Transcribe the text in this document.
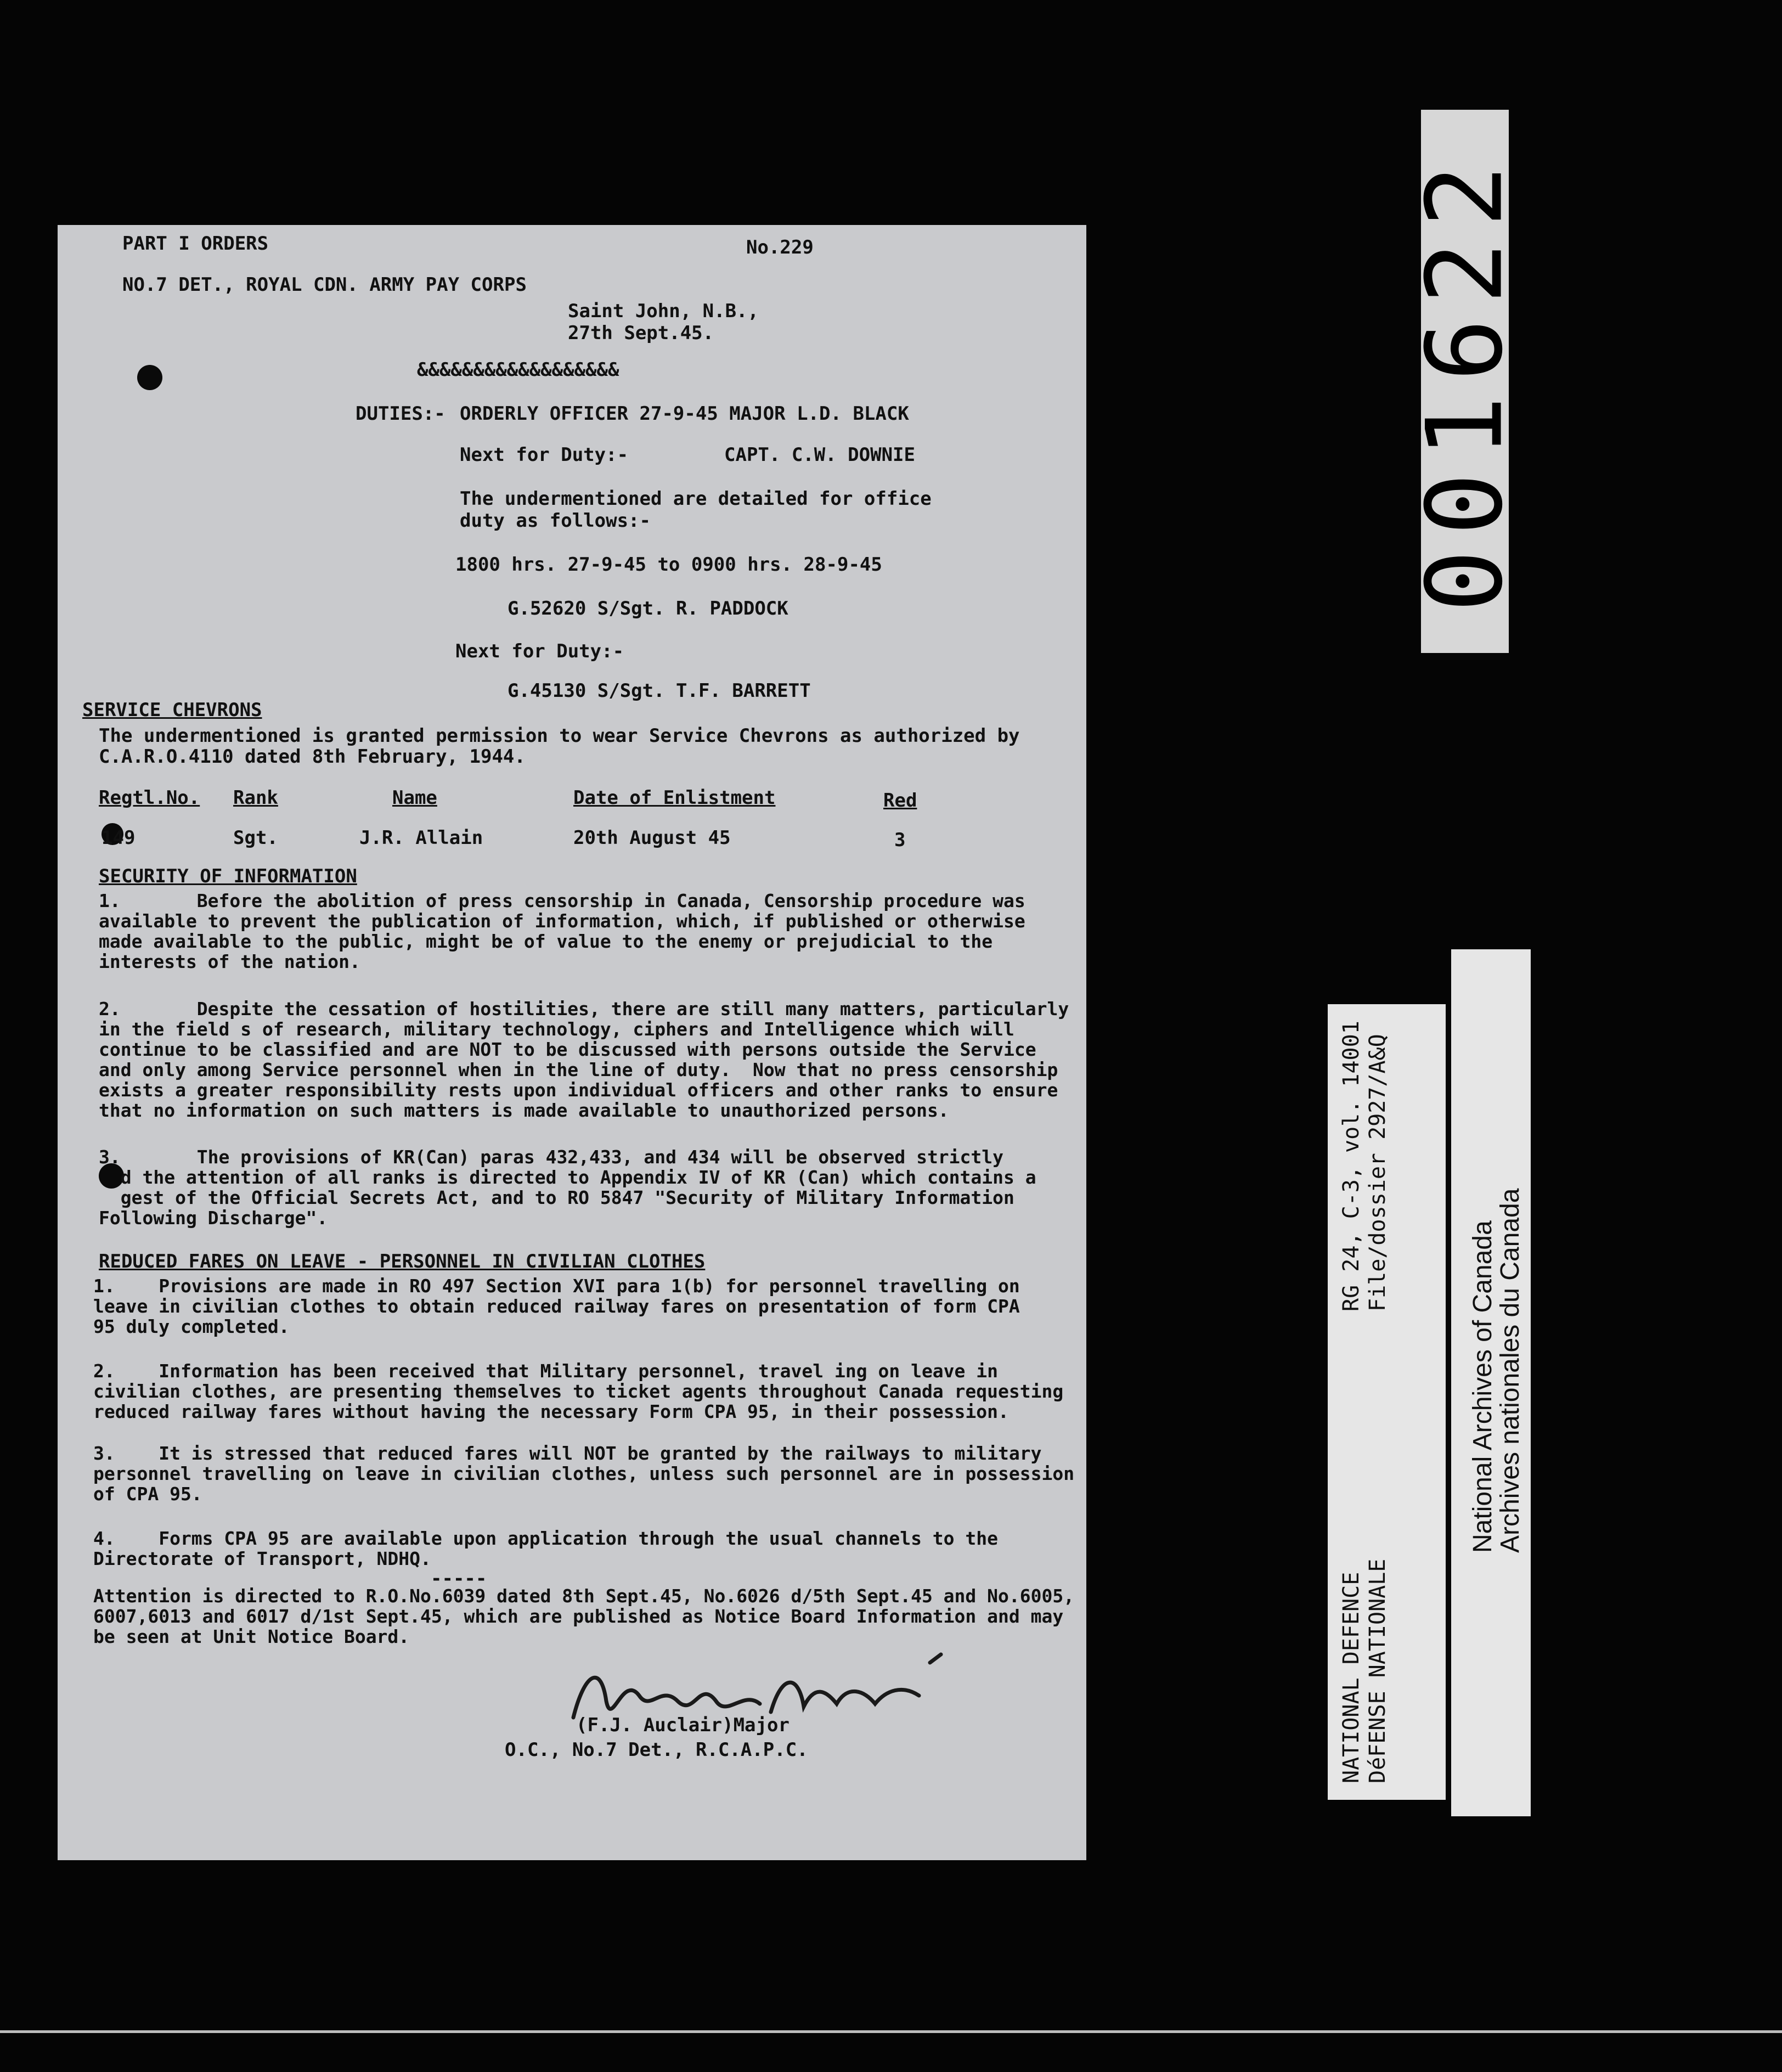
001622
RG 24, C-3, vol. 14001 File/dossier 2927/A&Q
NATIONAL DEFENCE DéFENSE NATIONALE
National Archives of Canada
Archives nationales du Canada
PART I ORDERS	No.229
NO.7 DET., ROYAL CDN. ARMY PAY CORPS
Saint John, N.B.,
27th Sept.45.
&&&&&&&&&&&&&&&&&&
DUTIES:- ORDERLY OFFICER 27-9-45 MAJOR L.D. BLACK
Next for Duty:-	CAPT. C.W. DOWNIE
The undermentioned are detailed for office
duty as follows:-
1800 hrs. 27-9-45 to 0900 hrs. 28-9-45
G.52620 S/Sgt. R. PADDOCK
Next for Duty:-
G.45130 S/Sgt. T.F. BARRETT
SERVICE CHEVRONS
The undermentioned is granted permission to wear Service Chevrons as authorized by
C.A.R.O.4110 dated 8th February, 1944.
Regtl.No. Rank	Name	Date of Enlistment	Red
149	Sgt.	J.R. Allain	20th August 45	3
SECURITY OF INFORMATION
1.       Before the abolition of press censorship in Canada, Censorship procedure was
available to prevent the publication of information, which, if published or otherwise
made available to the public, might be of value to the enemy or prejudicial to the
interests of the nation.
2.       Despite the cessation of hostilities, there are still many matters, particularly
in the field s of research, military technology, ciphers and Intelligence which will
continue to be classified and are NOT to be discussed with persons outside the Service
and only among Service personnel when in the line of duty.  Now that no press censorship
exists a greater responsibility rests upon individual officers and other ranks to ensure
that no information on such matters is made available to unauthorized persons.
3.       The provisions of KR(Can) paras 432,433, and 434 will be observed strictly
d the attention of all ranks is directed to Appendix IV of KR (Can) which contains a
gest of the Official Secrets Act, and to RO 5847 "Security of Military Information
Following Discharge".
REDUCED FARES ON LEAVE - PERSONNEL IN CIVILIAN CLOTHES
1.    Provisions are made in RO 497 Section XVI para 1(b) for personnel travelling on
leave in civilian clothes to obtain reduced railway fares on presentation of form CPA
95 duly completed.
2.    Information has been received that Military personnel, travel ing on leave in
civilian clothes, are presenting themselves to ticket agents throughout Canada requesting
reduced railway fares without having the necessary Form CPA 95, in their possession.
3.    It is stressed that reduced fares will NOT be granted by the railways to military
personnel travelling on leave in civilian clothes, unless such personnel are in possession
of CPA 95.
4.    Forms CPA 95 are available upon application through the usual channels to the
Directorate of Transport, NDHQ.
-----
Attention is directed to R.O.No.6039 dated 8th Sept.45, No.6026 d/5th Sept.45 and No.6005,
6007,6013 and 6017 d/1st Sept.45, which are published as Notice Board Information and may
be seen at Unit Notice Board.
(F.J. Auclair)Major
O.C., No.7 Det., R.C.A.P.C.
